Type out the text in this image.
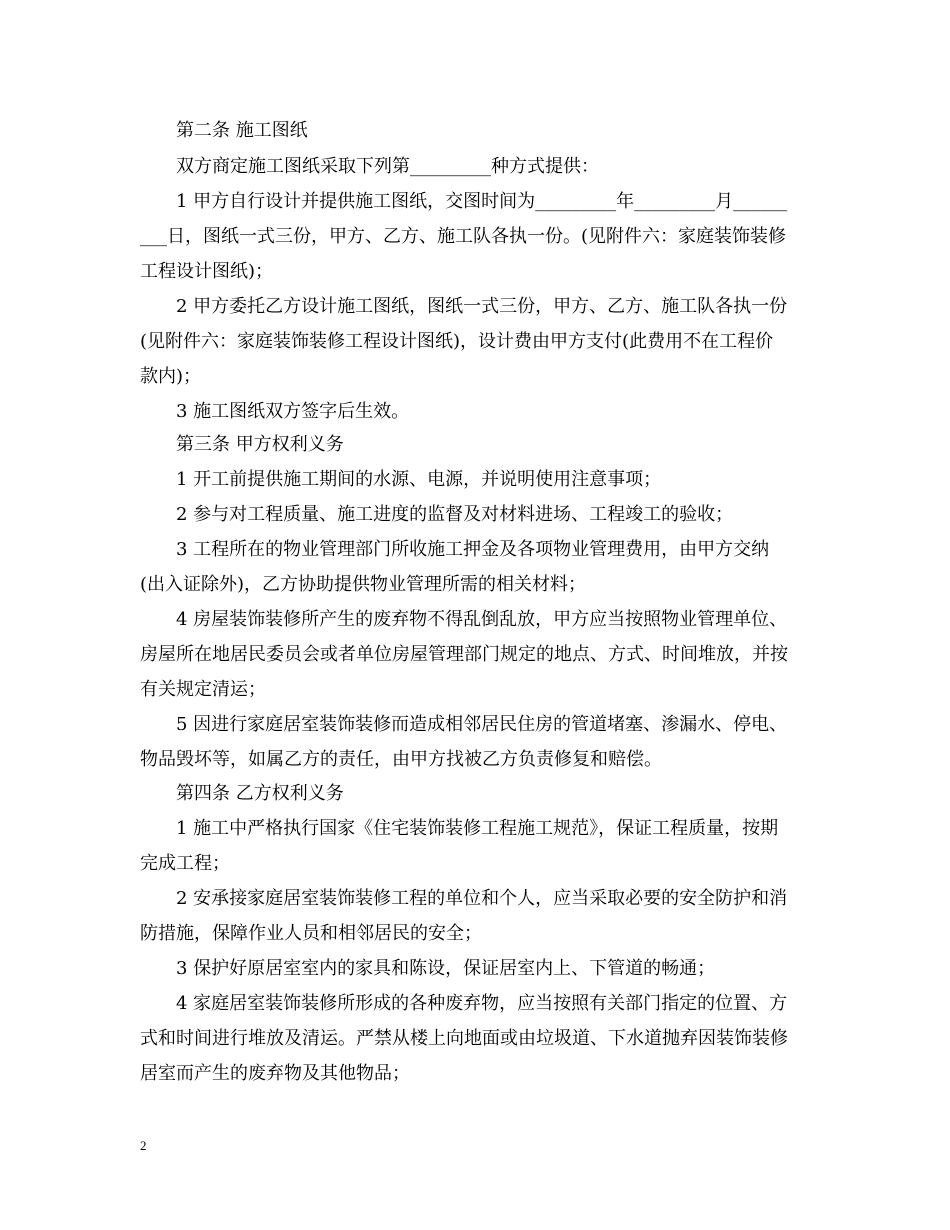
第二条 施工图纸
双方商定施工图纸采取下列第_________种方式提供：
1 甲方自行设计并提供施工图纸，交图时间为_________年_________月______
___日，图纸一式三份，甲方、乙方、施工队各执一份。(见附件六：家庭装饰装修
工程设计图纸)；
2 甲方委托乙方设计施工图纸，图纸一式三份，甲方、乙方、施工队各执一份
(见附件六：家庭装饰装修工程设计图纸)，设计费由甲方支付(此费用不在工程价
款内)；
3 施工图纸双方签字后生效。
第三条 甲方权利义务
1 开工前提供施工期间的水源、电源，并说明使用注意事项；
2 参与对工程质量、施工进度的监督及对材料进场、工程竣工的验收；
3 工程所在的物业管理部门所收施工押金及各项物业管理费用，由甲方交纳
(出入证除外)，乙方协助提供物业管理所需的相关材料；
4 房屋装饰装修所产生的废弃物不得乱倒乱放，甲方应当按照物业管理单位、
房屋所在地居民委员会或者单位房屋管理部门规定的地点、方式、时间堆放，并按
有关规定清运；
5 因进行家庭居室装饰装修而造成相邻居民住房的管道堵塞、渗漏水、停电、
物品毁坏等，如属乙方的责任，由甲方找被乙方负责修复和赔偿。
第四条 乙方权利义务
1 施工中严格执行国家《住宅装饰装修工程施工规范》，保证工程质量，按期
完成工程；
2 安承接家庭居室装饰装修工程的单位和个人，应当采取必要的安全防护和消
防措施，保障作业人员和相邻居民的安全；
3 保护好原居室室内的家具和陈设，保证居室内上、下管道的畅通；
4 家庭居室装饰装修所形成的各种废弃物，应当按照有关部门指定的位置、方
式和时间进行堆放及清运。严禁从楼上向地面或由垃圾道、下水道抛弃因装饰装修
居室而产生的废弃物及其他物品；
2
